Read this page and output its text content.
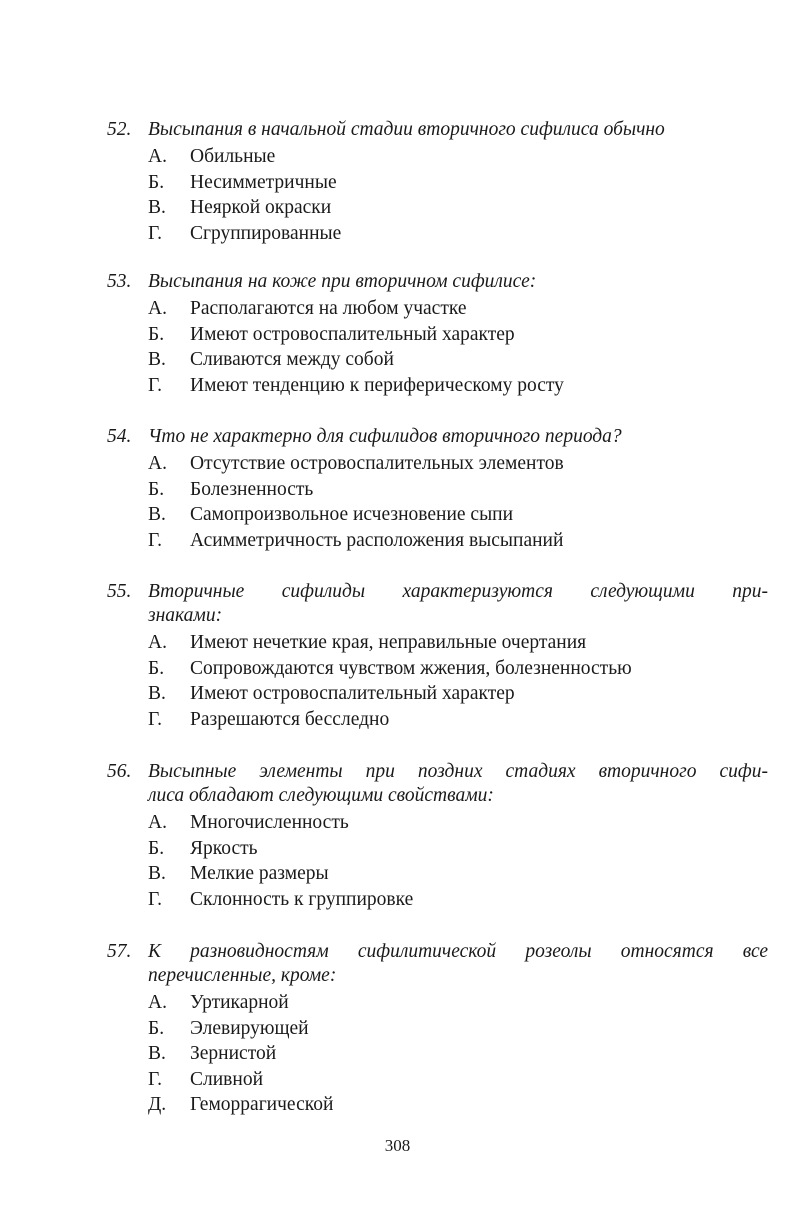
52. Высыпания в начальной стадии вторичного сифилиса обычно
А.	Обильные
Б.	Несимметричные
В.	Неяркой окраски
Г.	Сгруппированные
53. Высыпания на коже при вторичном сифилисе:
А.	Располагаются на любом участке
Б.	Имеют островоспалительный характер
В.	Сливаются между собой
Г.	Имеют тенденцию к периферическому росту
54. Что не характерно для сифилидов вторичного периода?
А.	Отсутствие островоспалительных элементов
Б.	Болезненность
В.	Самопроизвольное исчезновение сыпи
Г.	Асимметричность расположения высыпаний
55. Вторичные сифилиды характеризуются следующими при-
знаками:
А.	Имеют нечеткие края, неправильные очертания
Б.	Сопровождаются чувством жжения, болезненностью
В.	Имеют островоспалительный характер
Г.	Разрешаются бесследно
56. Высыпные элементы при поздних стадиях вторичного сифи-
лиса обладают следующими свойствами:
А.	Многочисленность
Б.	Яркость
В.	Мелкие размеры
Г.	Склонность к группировке
57. К разновидностям сифилитической розеолы относятся все
перечисленные, кроме:
А.	Уртикарной
Б.	Элевирующей
В.	Зернистой
Г.	Сливной
Д.	Геморрагической
308
